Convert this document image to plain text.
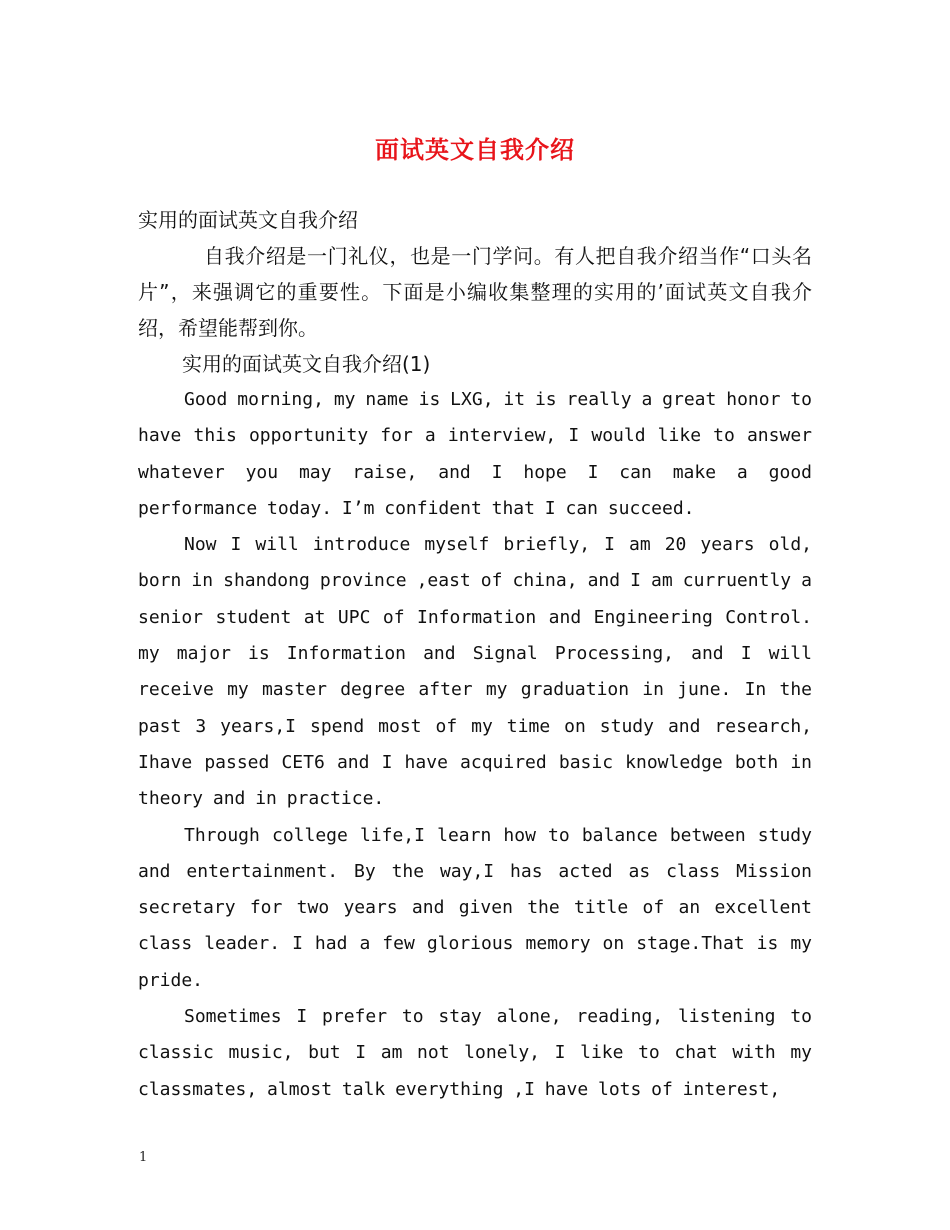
面试英文自我介绍

实用的面试英文自我介绍

自我介绍是一门礼仪，也是一门学问。有人把自我介绍当作“口头名片”，来强调它的重要性。下面是小编收集整理的实用的’面试英文自我介绍，希望能帮到你。

实用的面试英文自我介绍(1)

Good morning, my name is LXG, it is really a great honor to have this opportunity for a interview, I would like to answer whatever you may raise, and I hope I can make a good performance today. I’m confident that I can succeed.

Now I will introduce myself briefly, I am 20 years old, born in shandong province ,east of china, and I am curruently a senior student at UPC of Information and Engineering Control. my major is Information and Signal Processing, and I will receive my master degree after my graduation in june. In the past 3 years,I spend most of my time on study and research, Ihave passed CET6 and I have acquired basic knowledge both in theory and in practice.

Through college life,I learn how to balance between study and entertainment. By the way,I has acted as class Mission secretary for two years and given the title of an excellent class leader. I had a few glorious memory on stage.That is my pride.

Sometimes I prefer to stay alone, reading, listening to classic music, but I am not lonely, I like to chat with my classmates, almost talk everything ,I have lots of interest,

1
